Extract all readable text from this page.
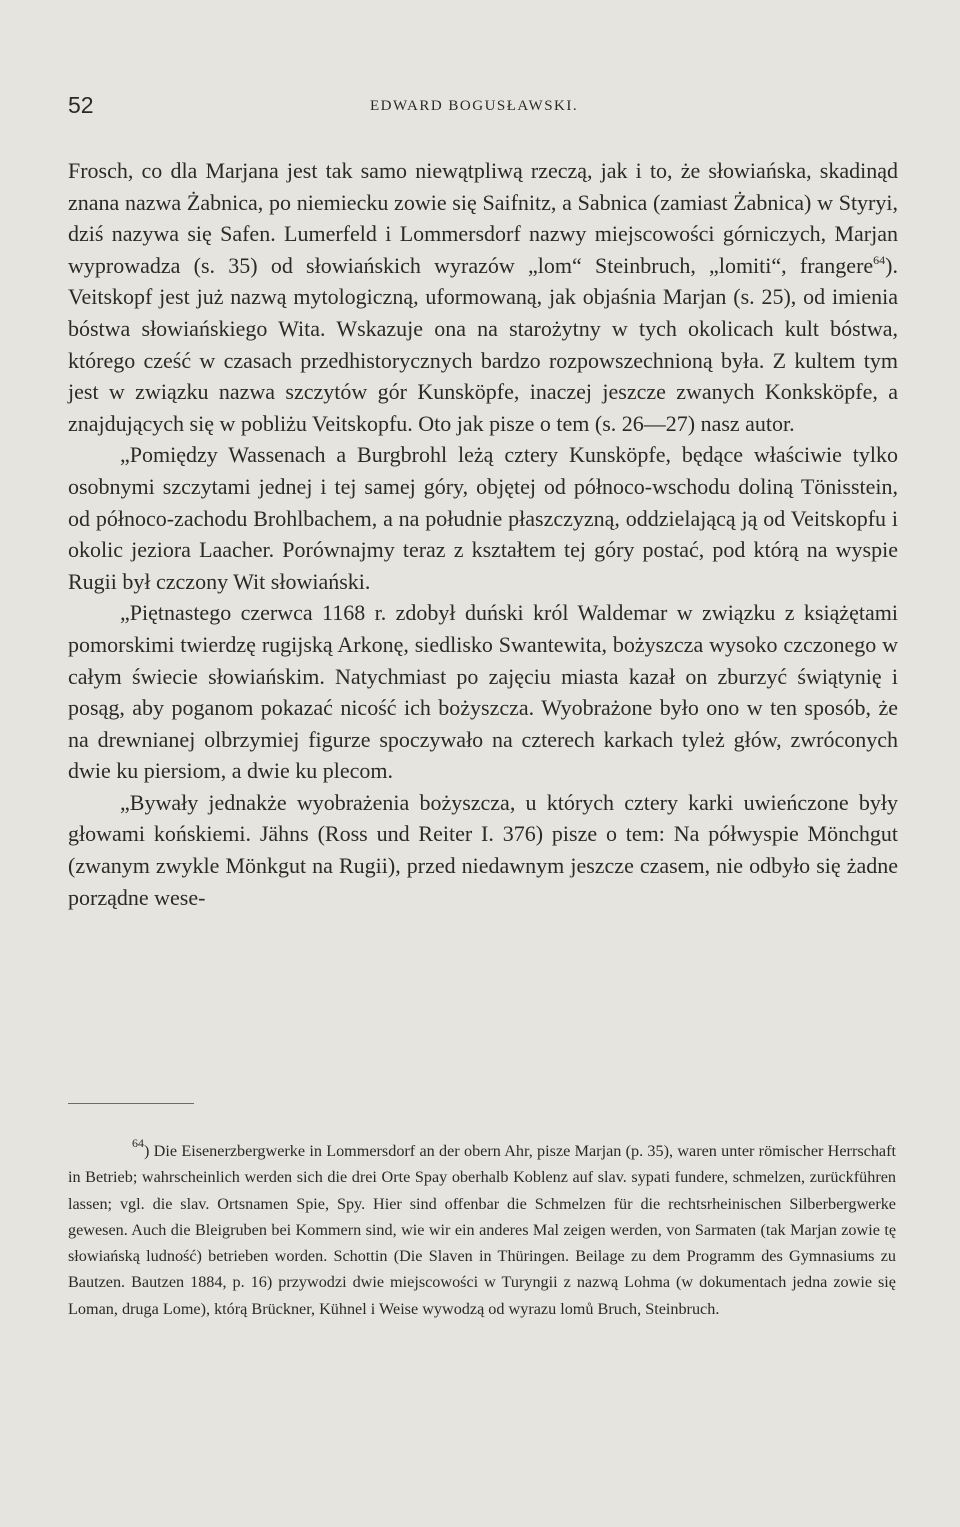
52	EDWARD BOGUSŁAWSKI.

Frosch, co dla Marjana jest tak samo niewątpliwą rzeczą, jak i to, że słowiańska, skadinąd znana nazwa Żabnica, po niemiecku zowie się Saifnitz, a Sabnica (zamiast Żabnica) w Styryi, dziś nazywa się Safen. Lumerfeld i Lommersdorf nazwy miejscowości górniczych, Marjan wyprowadza (s. 35) od słowiańskich wyrazów „lom“ Steinbruch, „lomiti“, frangere$^{64}$). Veitskopf jest już nazwą mytologiczną, uformowaną, jak objaśnia Marjan (s. 25), od imienia bóstwa słowiańskiego Wita. Wskazuje ona na starożytny w tych okolicach kult bóstwa, którego cześć w czasach przedhistorycznych bardzo rozpowszechnioną była. Z kultem tym jest w związku nazwa szczytów gór Kunsköpfe, inaczej jeszcze zwanych Konksköpfe, a znajdujących się w pobliżu Veitskopfu. Oto jak pisze o tem (s. 26—27) nasz autor.

„Pomiędzy Wassenach a Burgbrohl leżą cztery Kunsköpfe, będące właściwie tylko osobnymi szczytami jednej i tej samej góry, objętej od północo-wschodu doliną Tönisstein, od północo-zachodu Brohlbachem, a na południe płaszczyzną, oddzielającą ją od Veitskopfu i okolic jeziora Laacher. Porównajmy teraz z kształtem tej góry postać, pod którą na wyspie Rugii był czczony Wit słowiański.

„Piętnastego czerwca 1168 r. zdobył duński król Waldemar w związku z książętami pomorskimi twierdzę rugijską Arkonę, siedlisko Swantewita, bożyszcza wysoko czczonego w całym świecie słowiańskim. Natychmiast po zajęciu miasta kazał on zburzyć świątynię i posąg, aby poganom pokazać nicość ich bożyszcza. Wyobrażone było ono w ten sposób, że na drewnianej olbrzymiej figurze spoczywało na czterech karkach tyleż głów, zwróconych dwie ku piersiom, a dwie ku plecom.

„Bywały jednakże wyobrażenia bożyszcza, u których cztery karki uwieńczone były głowami końskiemi. Jähns (Ross und Reiter I. 376) pisze o tem: Na półwyspie Mönchgut (zwanym zwykle Mönkgut na Rugii), przed niedawnym jeszcze czasem, nie odbyło się żadne porządne wese-

$^{64}$) Die Eisenerzbergwerke in Lommersdorf an der obern Ahr, pisze Marjan (p. 35), waren unter römischer Herrschaft in Betrieb; wahrscheinlich werden sich die drei Orte Spay oberhalb Koblenz auf slav. sypati fundere, schmelzen, zurückführen lassen; vgl. die slav. Ortsnamen Spie, Spy. Hier sind offenbar die Schmelzen für die rechtsrheinischen Silberbergwerke gewesen. Auch die Bleigruben bei Kommern sind, wie wir ein anderes Mal zeigen werden, von Sarmaten (tak Marjan zowie tę słowiańską ludność) betrieben worden. Schottin (Die Slaven in Thüringen. Beilage zu dem Programm des Gymnasiums zu Bautzen. Bautzen 1884, p. 16) przywodzi dwie miejscowości w Turyngii z nazwą Lohma (w dokumentach jedna zowie się Loman, druga Lome), którą Brückner, Kühnel i Weise wywodzą od wyrazu lomů Bruch, Steinbruch.
